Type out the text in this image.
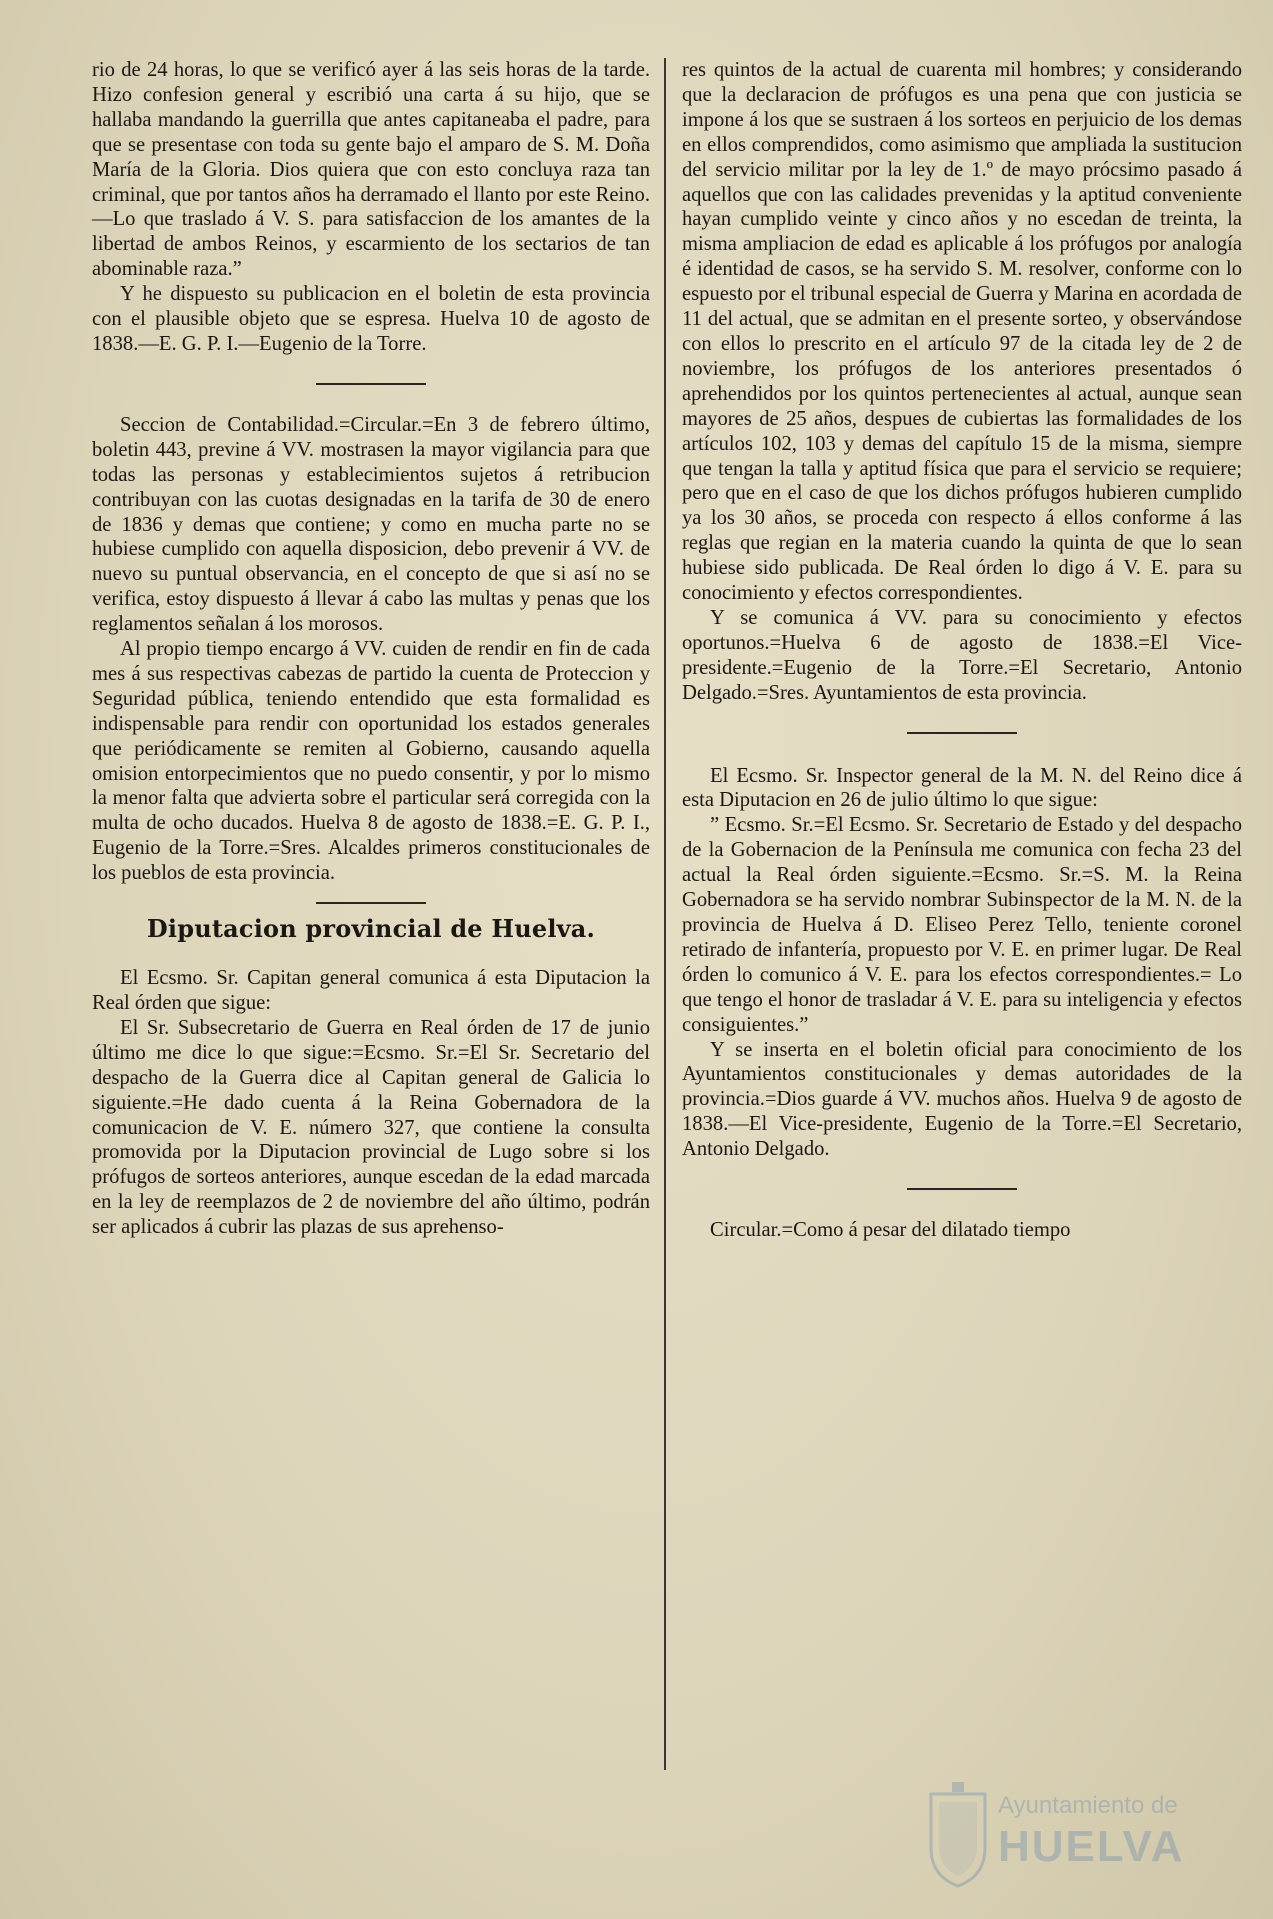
rio de 24 horas, lo que se verificó ayer á las seis horas de la tarde. Hizo confesion general y escribió una carta á su hijo, que se hallaba mandando la guerrilla que antes capitaneaba el padre, para que se presentase con toda su gente bajo el amparo de S. M. Doña María de la Gloria. Dios quiera que con esto concluya raza tan criminal, que por tantos años ha derramado el llanto por este Reino.—Lo que traslado á V. S. para satisfaccion de los amantes de la libertad de ambos Reinos, y escarmiento de los sectarios de tan abominable raza.”

Y he dispuesto su publicacion en el boletin de esta provincia con el plausible objeto que se espresa. Huelva 10 de agosto de 1838.—E. G. P. I.—Eugenio de la Torre.

Seccion de Contabilidad.=Circular.=En 3 de febrero último, boletin 443, previne á VV. mostrasen la mayor vigilancia para que todas las personas y establecimientos sujetos á retribucion contribuyan con las cuotas designadas en la tarifa de 30 de enero de 1836 y demas que contiene; y como en mucha parte no se hubiese cumplido con aquella disposicion, debo prevenir á VV. de nuevo su puntual observancia, en el concepto de que si así no se verifica, estoy dispuesto á llevar á cabo las multas y penas que los reglamentos señalan á los morosos.

Al propio tiempo encargo á VV. cuiden de rendir en fin de cada mes á sus respectivas cabezas de partido la cuenta de Proteccion y Seguridad pública, teniendo entendido que esta formalidad es indispensable para rendir con oportunidad los estados generales que periódicamente se remiten al Gobierno, causando aquella omision entorpecimientos que no puedo consentir, y por lo mismo la menor falta que advierta sobre el particular será corregida con la multa de ocho ducados. Huelva 8 de agosto de 1838.=E. G. P. I., Eugenio de la Torre.=Sres. Alcaldes primeros constitucionales de los pueblos de esta provincia.

Diputacion provincial de Huelva.

El Ecsmo. Sr. Capitan general comunica á esta Diputacion la Real órden que sigue:

El Sr. Subsecretario de Guerra en Real órden de 17 de junio último me dice lo que sigue:=Ecsmo. Sr.=El Sr. Secretario del despacho de la Guerra dice al Capitan general de Galicia lo siguiente.=He dado cuenta á la Reina Gobernadora de la comunicacion de V. E. número 327, que contiene la consulta promovida por la Diputacion provincial de Lugo sobre si los prófugos de sorteos anteriores, aunque escedan de la edad marcada en la ley de reemplazos de 2 de noviembre del año último, podrán ser aplicados á cubrir las plazas de sus aprehenso-

res quintos de la actual de cuarenta mil hombres; y considerando que la declaracion de prófugos es una pena que con justicia se impone á los que se sustraen á los sorteos en perjuicio de los demas en ellos comprendidos, como asimismo que ampliada la sustitucion del servicio militar por la ley de 1.º de mayo prócsimo pasado á aquellos que con las calidades prevenidas y la aptitud conveniente hayan cumplido veinte y cinco años y no escedan de treinta, la misma ampliacion de edad es aplicable á los prófugos por analogía é identidad de casos, se ha servido S. M. resolver, conforme con lo espuesto por el tribunal especial de Guerra y Marina en acordada de 11 del actual, que se admitan en el presente sorteo, y observándose con ellos lo prescrito en el artículo 97 de la citada ley de 2 de noviembre, los prófugos de los anteriores presentados ó aprehendidos por los quintos pertenecientes al actual, aunque sean mayores de 25 años, despues de cubiertas las formalidades de los artículos 102, 103 y demas del capítulo 15 de la misma, siempre que tengan la talla y aptitud física que para el servicio se requiere; pero que en el caso de que los dichos prófugos hubieren cumplido ya los 30 años, se proceda con respecto á ellos conforme á las reglas que regian en la materia cuando la quinta de que lo sean hubiese sido publicada. De Real órden lo digo á V. E. para su conocimiento y efectos correspondientes.

Y se comunica á VV. para su conocimiento y efectos oportunos.=Huelva 6 de agosto de 1838.=El Vice-presidente.=Eugenio de la Torre.=El Secretario, Antonio Delgado.=Sres. Ayuntamientos de esta provincia.

El Ecsmo. Sr. Inspector general de la M. N. del Reino dice á esta Diputacion en 26 de julio último lo que sigue:

” Ecsmo. Sr.=El Ecsmo. Sr. Secretario de Estado y del despacho de la Gobernacion de la Península me comunica con fecha 23 del actual la Real órden siguiente.=Ecsmo. Sr.=S. M. la Reina Gobernadora se ha servido nombrar Subinspector de la M. N. de la provincia de Huelva á D. Eliseo Perez Tello, teniente coronel retirado de infantería, propuesto por V. E. en primer lugar. De Real órden lo comunico á V. E. para los efectos correspondientes.= Lo que tengo el honor de trasladar á V. E. para su inteligencia y efectos consiguientes.”

Y se inserta en el boletin oficial para conocimiento de los Ayuntamientos constitucionales y demas autoridades de la provincia.=Dios guarde á VV. muchos años. Huelva 9 de agosto de 1838.—El Vice-presidente, Eugenio de la Torre.=El Secretario, Antonio Delgado.

Circular.=Como á pesar del dilatado tiempo

Ayuntamiento de
HUELVA
